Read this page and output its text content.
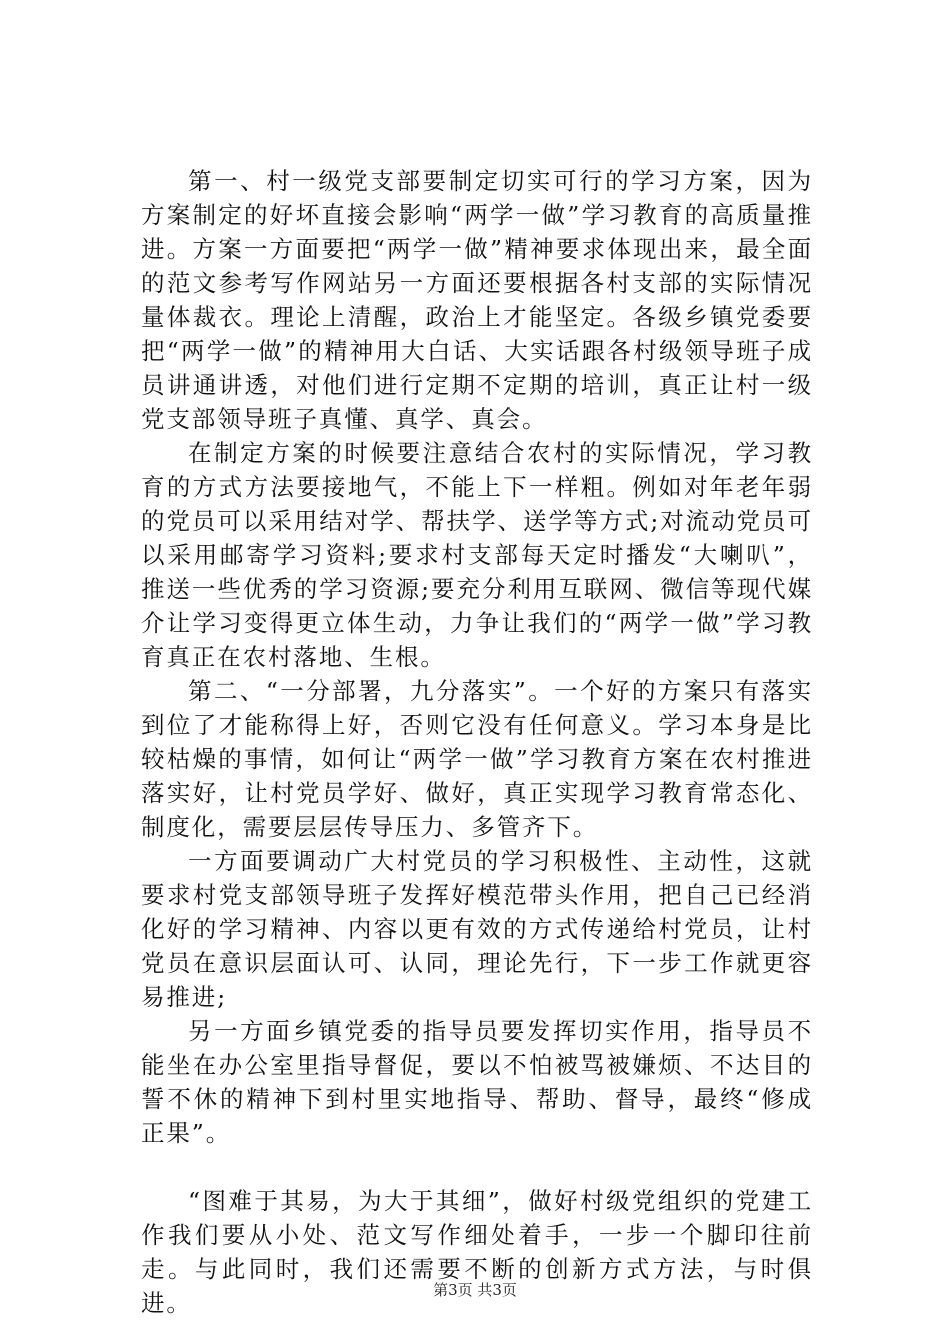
第一、村一级党支部要制定切实可行的学习方案，因为方案制定的好坏直接会影响“两学一做”学习教育的高质量推进。方案一方面要把“两学一做”精神要求体现出来，最全面的范文参考写作网站另一方面还要根据各村支部的实际情况量体裁衣。理论上清醒，政治上才能坚定。各级乡镇党委要把“两学一做”的精神用大白话、大实话跟各村级领导班子成员讲通讲透，对他们进行定期不定期的培训，真正让村一级党支部领导班子真懂、真学、真会。

在制定方案的时候要注意结合农村的实际情况，学习教育的方式方法要接地气，不能上下一样粗。例如对年老年弱的党员可以采用结对学、帮扶学、送学等方式;对流动党员可以采用邮寄学习资料;要求村支部每天定时播发“大喇叭”，推送一些优秀的学习资源;要充分利用互联网、微信等现代媒介让学习变得更立体生动，力争让我们的“两学一做”学习教育真正在农村落地、生根。

第二、“一分部署，九分落实”。一个好的方案只有落实到位了才能称得上好，否则它没有任何意义。学习本身是比较枯燥的事情，如何让“两学一做”学习教育方案在农村推进落实好，让村党员学好、做好，真正实现学习教育常态化、制度化，需要层层传导压力、多管齐下。

一方面要调动广大村党员的学习积极性、主动性，这就要求村党支部领导班子发挥好模范带头作用，把自己已经消化好的学习精神、内容以更有效的方式传递给村党员，让村党员在意识层面认可、认同，理论先行，下一步工作就更容易推进;

另一方面乡镇党委的指导员要发挥切实作用，指导员不能坐在办公室里指导督促，要以不怕被骂被嫌烦、不达目的誓不休的精神下到村里实地指导、帮助、督导，最终“修成正果”。

“图难于其易，为大于其细”，做好村级党组织的党建工作我们要从小处、范文写作细处着手，一步一个脚印往前走。与此同时，我们还需要不断的创新方式方法，与时俱进。	第3页 共3页
